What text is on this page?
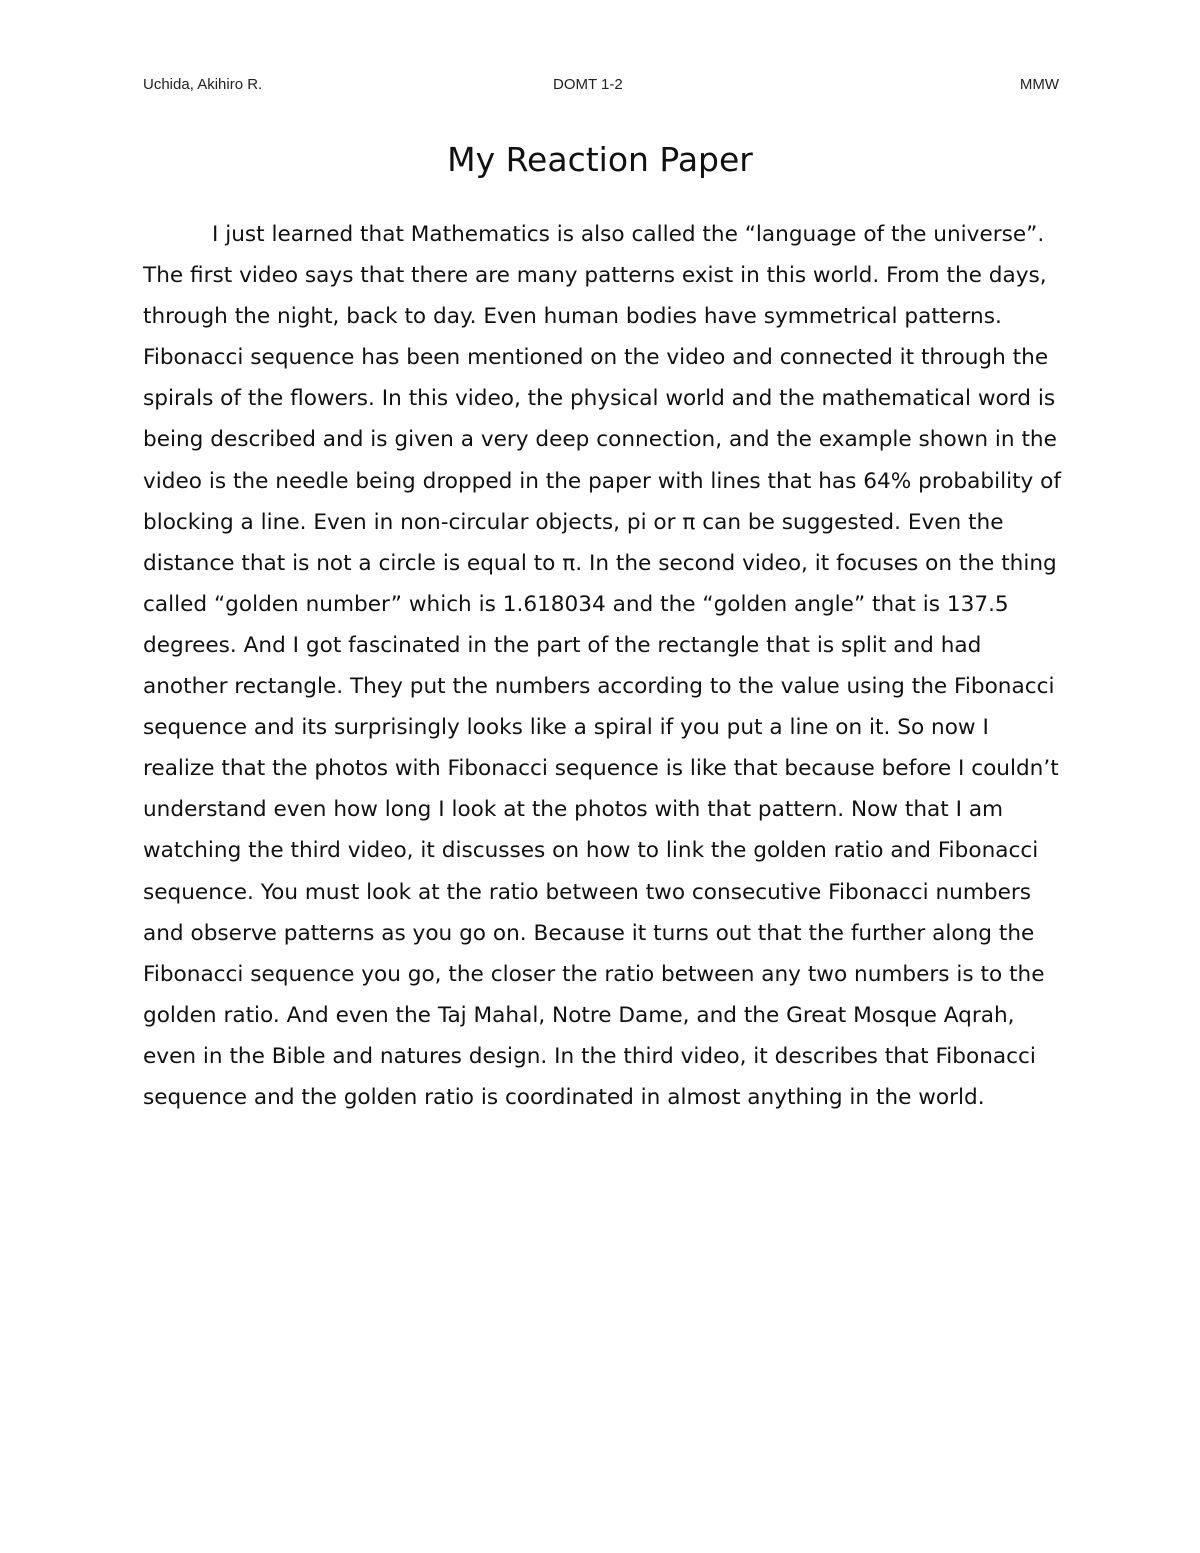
Uchida, Akihiro R.	DOMT 1-2	MMW
My Reaction Paper

I just learned that Mathematics is also called the “language of the universe”. The first video says that there are many patterns exist in this world. From the days, through the night, back to day. Even human bodies have symmetrical patterns. Fibonacci sequence has been mentioned on the video and connected it through the spirals of the flowers. In this video, the physical world and the mathematical word is being described and is given a very deep connection, and the example shown in the video is the needle being dropped in the paper with lines that has 64% probability of blocking a line. Even in non-circular objects, pi or π can be suggested. Even the distance that is not a circle is equal to π. In the second video, it focuses on the thing called “golden number” which is 1.618034 and the “golden angle” that is 137.5 degrees. And I got fascinated in the part of the rectangle that is split and had another rectangle. They put the numbers according to the value using the Fibonacci sequence and its surprisingly looks like a spiral if you put a line on it. So now I realize that the photos with Fibonacci sequence is like that because before I couldn’t understand even how long I look at the photos with that pattern. Now that I am watching the third video, it discusses on how to link the golden ratio and Fibonacci sequence. You must look at the ratio between two consecutive Fibonacci numbers and observe patterns as you go on. Because it turns out that the further along the Fibonacci sequence you go, the closer the ratio between any two numbers is to the golden ratio. And even the Taj Mahal, Notre Dame, and the Great Mosque Aqrah, even in the Bible and natures design. In the third video, it describes that Fibonacci sequence and the golden ratio is coordinated in almost anything in the world.
